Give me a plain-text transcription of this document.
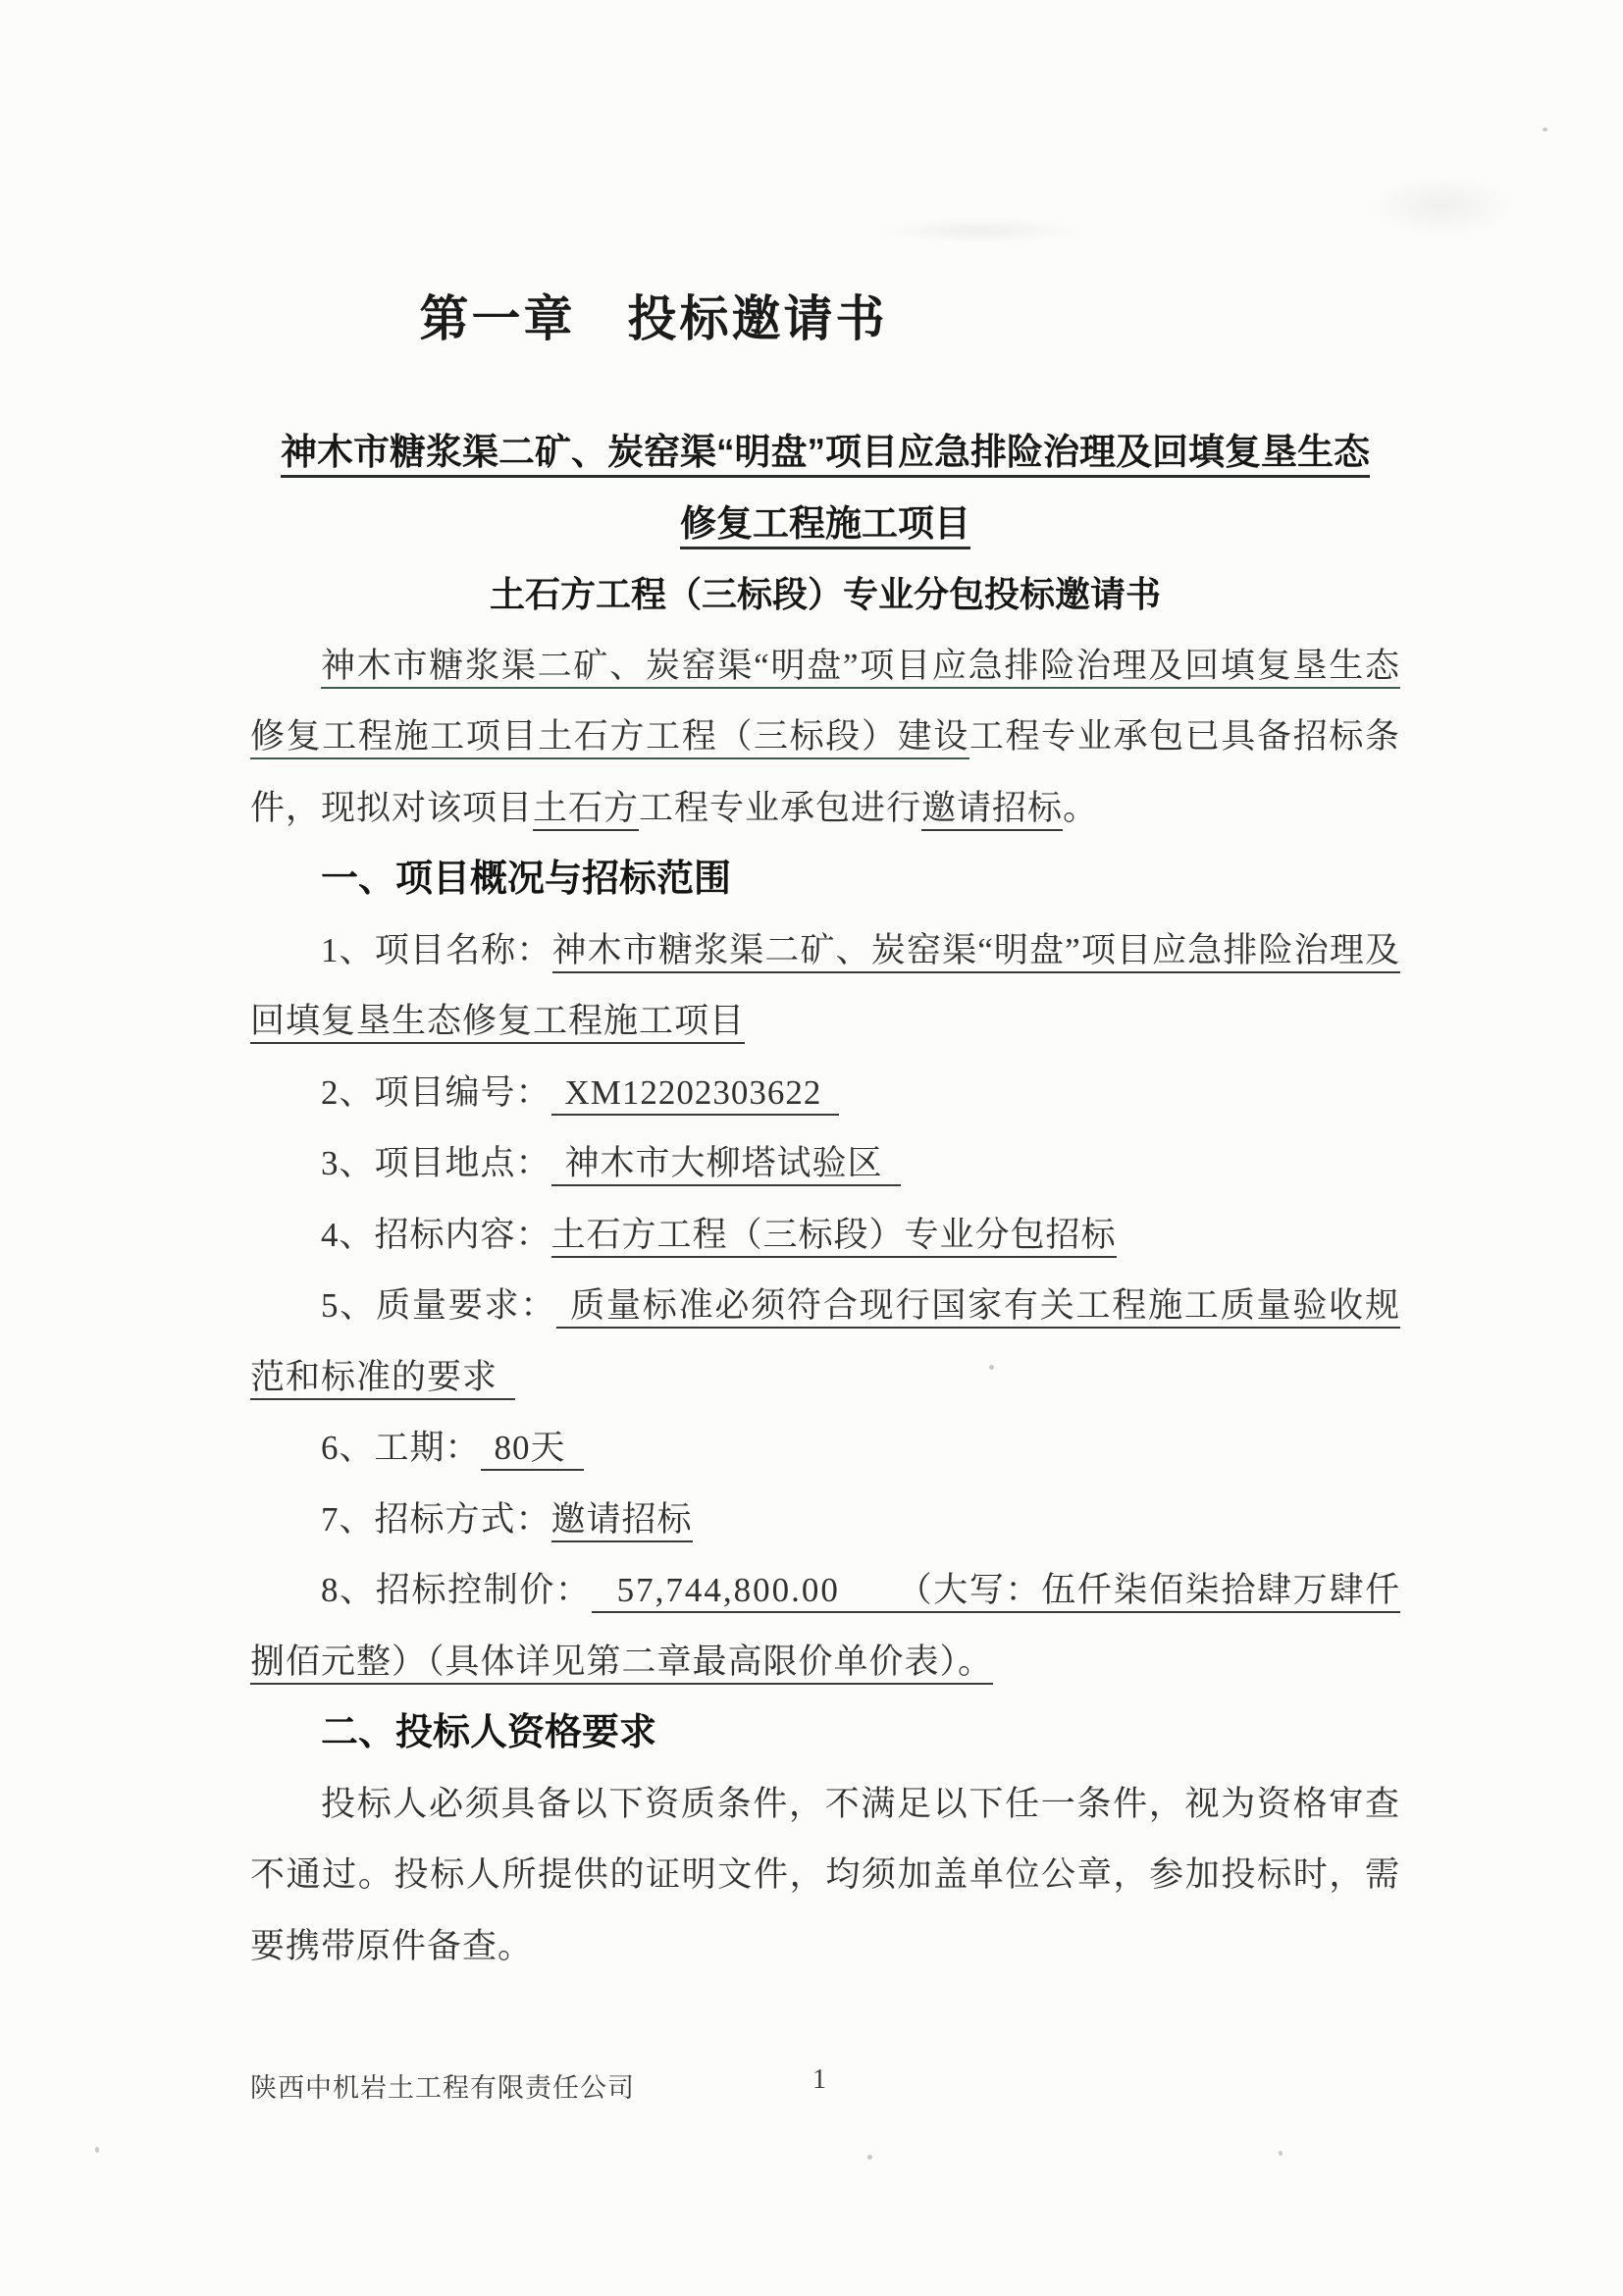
第一章　投标邀请书
神木市糖浆渠二矿、炭窑渠“明盘”项目应急排险治理及回填复垦生态
修复工程施工项目
土石方工程（三标段）专业分包投标邀请书

神木市糖浆渠二矿、炭窑渠“明盘”项目应急排险治理及回填复垦生态修复工程施工项目土石方工程（三标段）建设工程专业承包已具备招标条件，现拟对该项目土石方工程专业承包进行邀请招标。

一、项目概况与招标范围

1、项目名称：神木市糖浆渠二矿、炭窑渠“明盘”项目应急排险治理及回填复垦生态修复工程施工项目

2、项目编号： XM12202303622

3、项目地点： 神木市大柳塔试验区

4、招标内容：土石方工程（三标段）专业分包招标

5、质量要求： 质量标准必须符合现行国家有关工程施工质量验收规范和标准的要求

6、工期： 80天

7、招标方式：邀请招标

8、招标控制价： 57,744,800.00 （大写：伍仟柒佰柒拾肆万肆仟捌佰元整）（具体详见第二章最高限价单价表）。

二、投标人资格要求

投标人必须具备以下资质条件，不满足以下任一条件，视为资格审查不通过。投标人所提供的证明文件，均须加盖单位公章，参加投标时，需要携带原件备查。

陕西中机岩土工程有限责任公司	1
